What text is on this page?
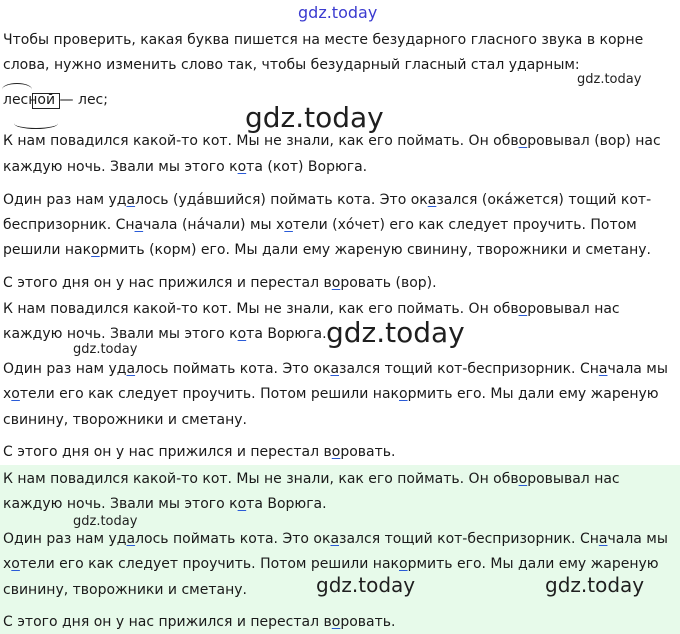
gdz.today
gdz.today
gdz.today
gdz.today
gdz.today
gdz.today
gdz.today	gdz.today
Чтобы проверить, какая буква пишется на месте безударного гласного звука в корне
слова, нужно изменить слово так, чтобы безударный гласный стал ударным:
лесной — лес;
К нам повадился какой-то кот. Мы не знали, как его поймать. Он обворовывал (вор) нас
каждую ночь. Звали мы этого кота (кот) Ворюга.
Один раз нам удалось (уда́вшийся) поймать кота. Это оказался (ока́жется) тощий кот-
беспризорник. Сначала (на́чали) мы хотели (хо́чет) его как следует проучить. Потом
решили накормить (корм) его. Мы дали ему жареную свинину, творожники и сметану.
С этого дня он у нас прижился и перестал воровать (вор).
К нам повадился какой-то кот. Мы не знали, как его поймать. Он обворовывал нас
каждую ночь. Звали мы этого кота Ворюга.
Один раз нам удалось поймать кота. Это оказался тощий кот-беспризорник. Сначала мы
хотели его как следует проучить. Потом решили накормить его. Мы дали ему жареную
свинину, творожники и сметану.
С этого дня он у нас прижился и перестал воровать.
К нам повадился какой-то кот. Мы не знали, как его поймать. Он обворовывал нас
каждую ночь. Звали мы этого кота Ворюга.
Один раз нам удалось поймать кота. Это оказался тощий кот-беспризорник. Сначала мы
хотели его как следует проучить. Потом решили накормить его. Мы дали ему жареную
свинину, творожники и сметану.
С этого дня он у нас прижился и перестал воровать.
